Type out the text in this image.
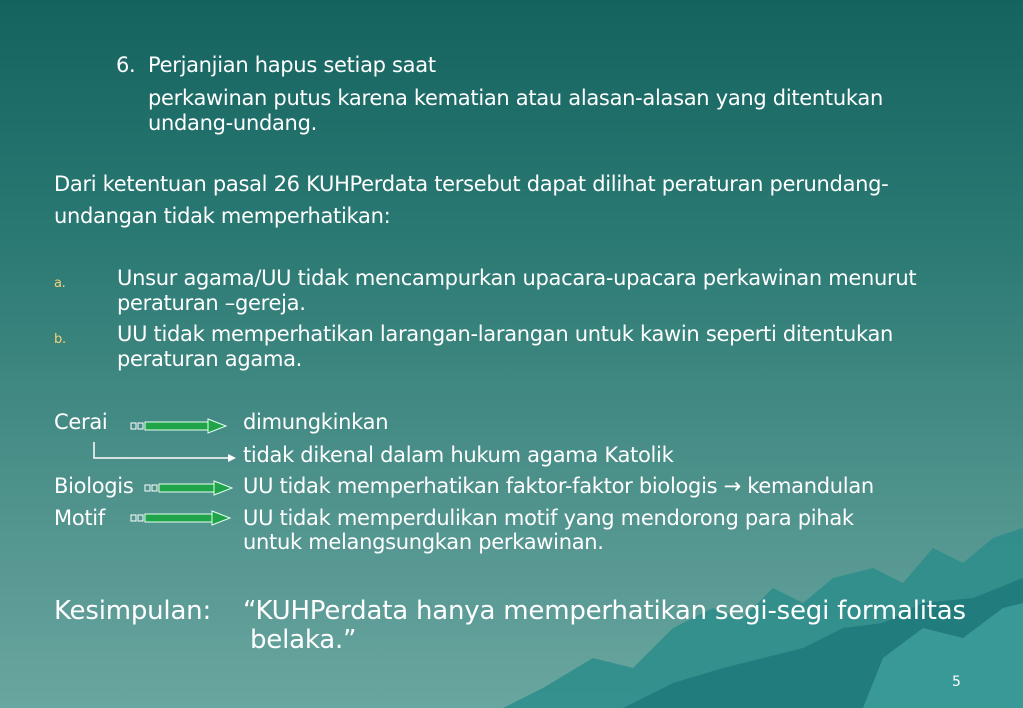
6. Perjanjian hapus setiap saat
perkawinan putus karena kematian atau alasan-alasan yang ditentukan
undang-undang.
Dari ketentuan pasal 26 KUHPerdata tersebut dapat dilihat peraturan perundang-
undangan tidak memperhatikan:
a. Unsur agama/UU tidak mencampurkan upacara-upacara perkawinan menurut
peraturan –gereja.
b. UU tidak memperhatikan larangan-larangan untuk kawin seperti ditentukan
peraturan agama.
Cerai	dimungkinkan
tidak dikenal dalam hukum agama Katolik
Biologis	UU tidak memperhatikan faktor-faktor biologis → kemandulan
Motif	UU tidak memperdulikan motif yang mendorong para pihak
untuk melangsungkan perkawinan.
Kesimpulan: “KUHPerdata hanya memperhatikan segi-segi formalitas
belaka.”
5
